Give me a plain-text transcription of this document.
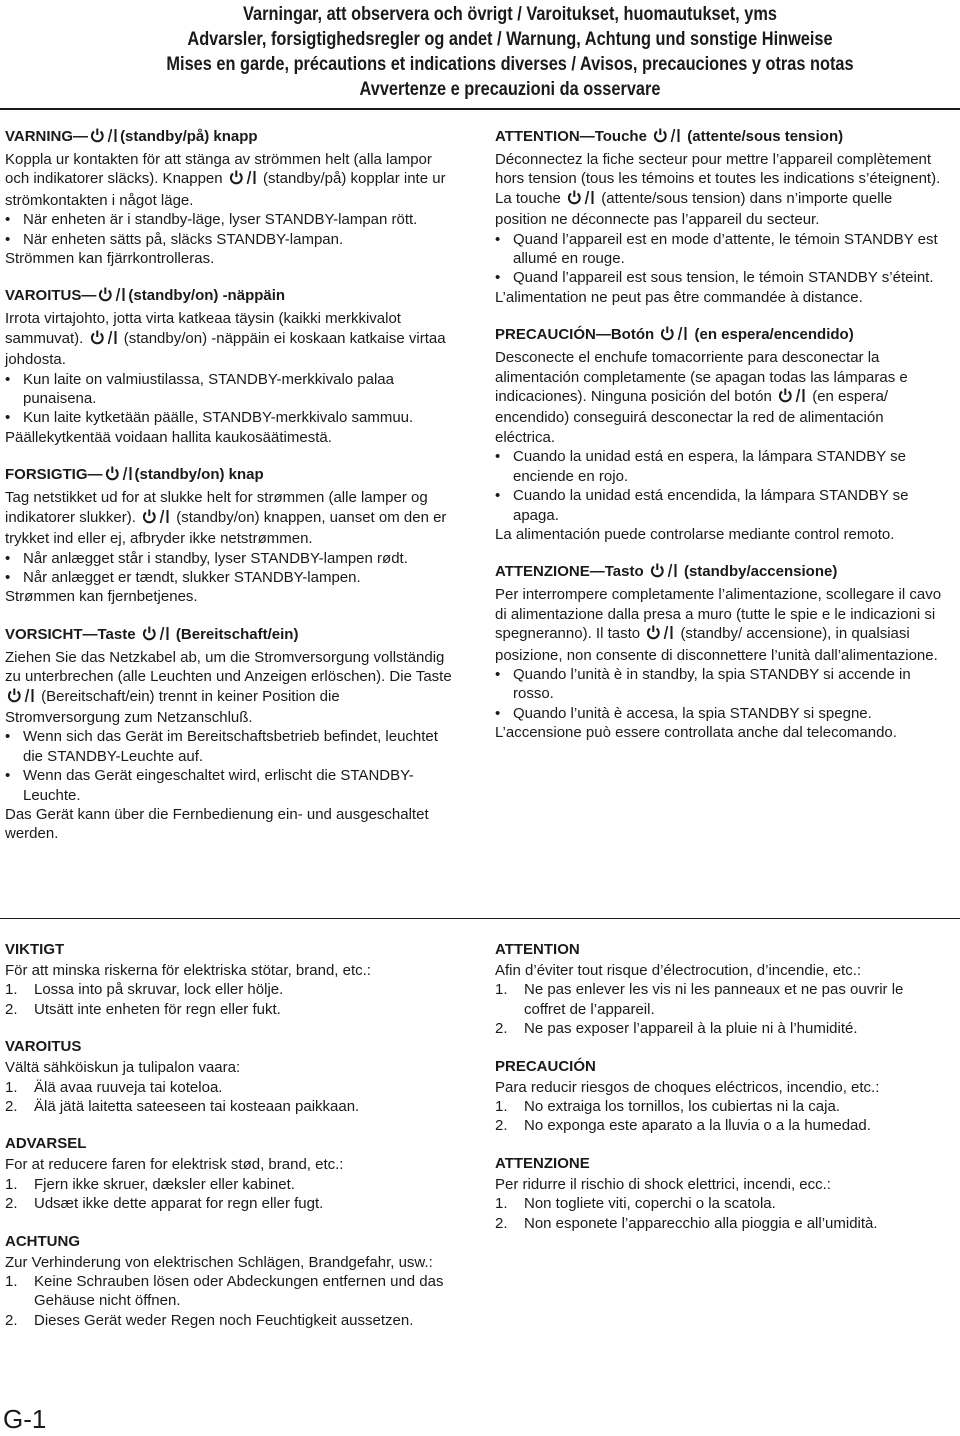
Varningar, att observera och övrigt / Varoitukset, huomautukset, yms
Advarsler, forsigtighedsregler og andet / Warnung, Achtung und sonstige Hinweise
Mises en garde, précautions et indications diverses / Avisos, precauciones y otras notas
Avvertenze e precauzioni da osservare
VARNING— (standby/på) knapp

Koppla ur kontakten för att stänga av strömmen helt (alla lampor och indikatorer släcks). Knappen	(standby/på) kopplar inte ur strömkontakten i något läge.

• När enheten är i standby-läge, lyser STANDBY-lampan rött.
• När enheten sätts på, släcks STANDBY-lampan.

Strömmen kan fjärrkontrolleras.

VAROITUS— (standby/on) -näppäin

Irrota virtajohto, jotta virta katkeaa täysin (kaikki merkkivalot sammuvat).	(standby/on) -näppäin ei koskaan katkaise virtaa johdosta.

• Kun laite on valmiustilassa, STANDBY-merkkivalo palaa punaisena.
• Kun laite kytketään päälle, STANDBY-merkkivalo sammuu.

Päällekytkentää voidaan hallita kaukosäätimestä.

FORSIGTIG— (standby/on) knap

Tag netstikket ud for at slukke helt for strømmen (alle lamper og indikatorer slukker).	(standby/on) knappen, uanset om den er trykket ind eller ej, afbryder ikke netstrømmen.

• Når anlægget står i standby, lyser STANDBY-lampen rødt.
• Når anlægget er tændt, slukker STANDBY-lampen.

Strømmen kan fjernbetjenes.

VORSICHT—Taste	(Bereitschaft/ein)

Ziehen Sie das Netzkabel ab, um die Stromversorgung vollständig zu unterbrechen (alle Leuchten und Anzeigen erlöschen). Die Taste  (Bereitschaft/ein) trennt in keiner Position die Stromversorgung zum Netzanschluß.

• Wenn sich das Gerät im Bereitschaftsbetrieb befindet, leuchtet die STANDBY-Leuchte auf.
• Wenn das Gerät eingeschaltet wird, erlischt die STANDBY-Leuchte.

Das Gerät kann über die Fernbedienung ein- und ausgeschaltet werden.

ATTENTION—Touche	(attente/sous tension)

Déconnectez la fiche secteur pour mettre l’appareil complètement hors tension (tous les témoins et toutes les indications s’éteignent). La touche	(attente/sous tension) dans n’importe quelle position ne déconnecte pas l’appareil du secteur.

• Quand l’appareil est en mode d’attente, le témoin STANDBY est allumé en rouge.
• Quand l’appareil est sous tension, le témoin STANDBY s’éteint.

L’alimentation ne peut pas être commandée à distance.

PRECAUCIÓN—Botón	(en espera/encendido)

Desconecte el enchufe tomacorriente para desconectar la alimentación completamente (se apagan todas las lámparas e indicaciones). Ninguna posición del botón	(en espera/ encendido) conseguirá desconectar la red de alimentación eléctrica.

• Cuando la unidad está en espera, la lámpara STANDBY se enciende en rojo.
• Cuando la unidad está encendida, la lámpara STANDBY se apaga.

La alimentación puede controlarse mediante control remoto.

ATTENZIONE—Tasto	(standby/accensione)

Per interrompere completamente l’alimentazione, scollegare il cavo di alimentazione dalla presa a muro (tutte le spie e le indicazioni si spegneranno). Il tasto	(standby/ accensione), in qualsiasi posizione, non consente di disconnettere l’unità dall’alimentazione.

• Quando l’unità è in standby, la spia STANDBY si accende in rosso.
• Quando l’unità è accesa, la spia STANDBY si spegne.

L’accensione può essere controllata anche dal telecomando.

VIKTIGT

För att minska riskerna för elektriska stötar, brand, etc.:

1. Lossa into på skruvar, lock eller hölje.
2. Utsätt inte enheten för regn eller fukt.
VAROITUS

Vältä sähköiskun ja tulipalon vaara:

1. Älä avaa ruuveja tai koteloa.
2. Älä jätä laitetta sateeseen tai kosteaan paikkaan.
ADVARSEL

For at reducere faren for elektrisk stød, brand, etc.:

1. Fjern ikke skruer, dæksler eller kabinet.
2. Udsæt ikke dette apparat for regn eller fugt.
ACHTUNG

Zur Verhinderung von elektrischen Schlägen, Brandgefahr, usw.:

1. Keine Schrauben lösen oder Abdeckungen entfernen und das Gehäuse nicht öffnen.
2. Dieses Gerät weder Regen noch Feuchtigkeit aussetzen.
ATTENTION

Afin d’éviter tout risque d’électrocution, d’incendie, etc.:

1. Ne pas enlever les vis ni les panneaux et ne pas ouvrir le coffret de l’appareil.
2. Ne pas exposer l’appareil à la pluie ni à l’humidité.
PRECAUCIÓN

Para reducir riesgos de choques eléctricos, incendio, etc.:

1. No extraiga los tornillos, los cubiertas ni la caja.
2. No exponga este aparato a la lluvia o a la humedad.
ATTENZIONE

Per ridurre il rischio di shock elettrici, incendi, ecc.:

1. Non togliete viti, coperchi o la scatola.
2. Non esponete l’apparecchio alla pioggia e all’umidità.
G-1
